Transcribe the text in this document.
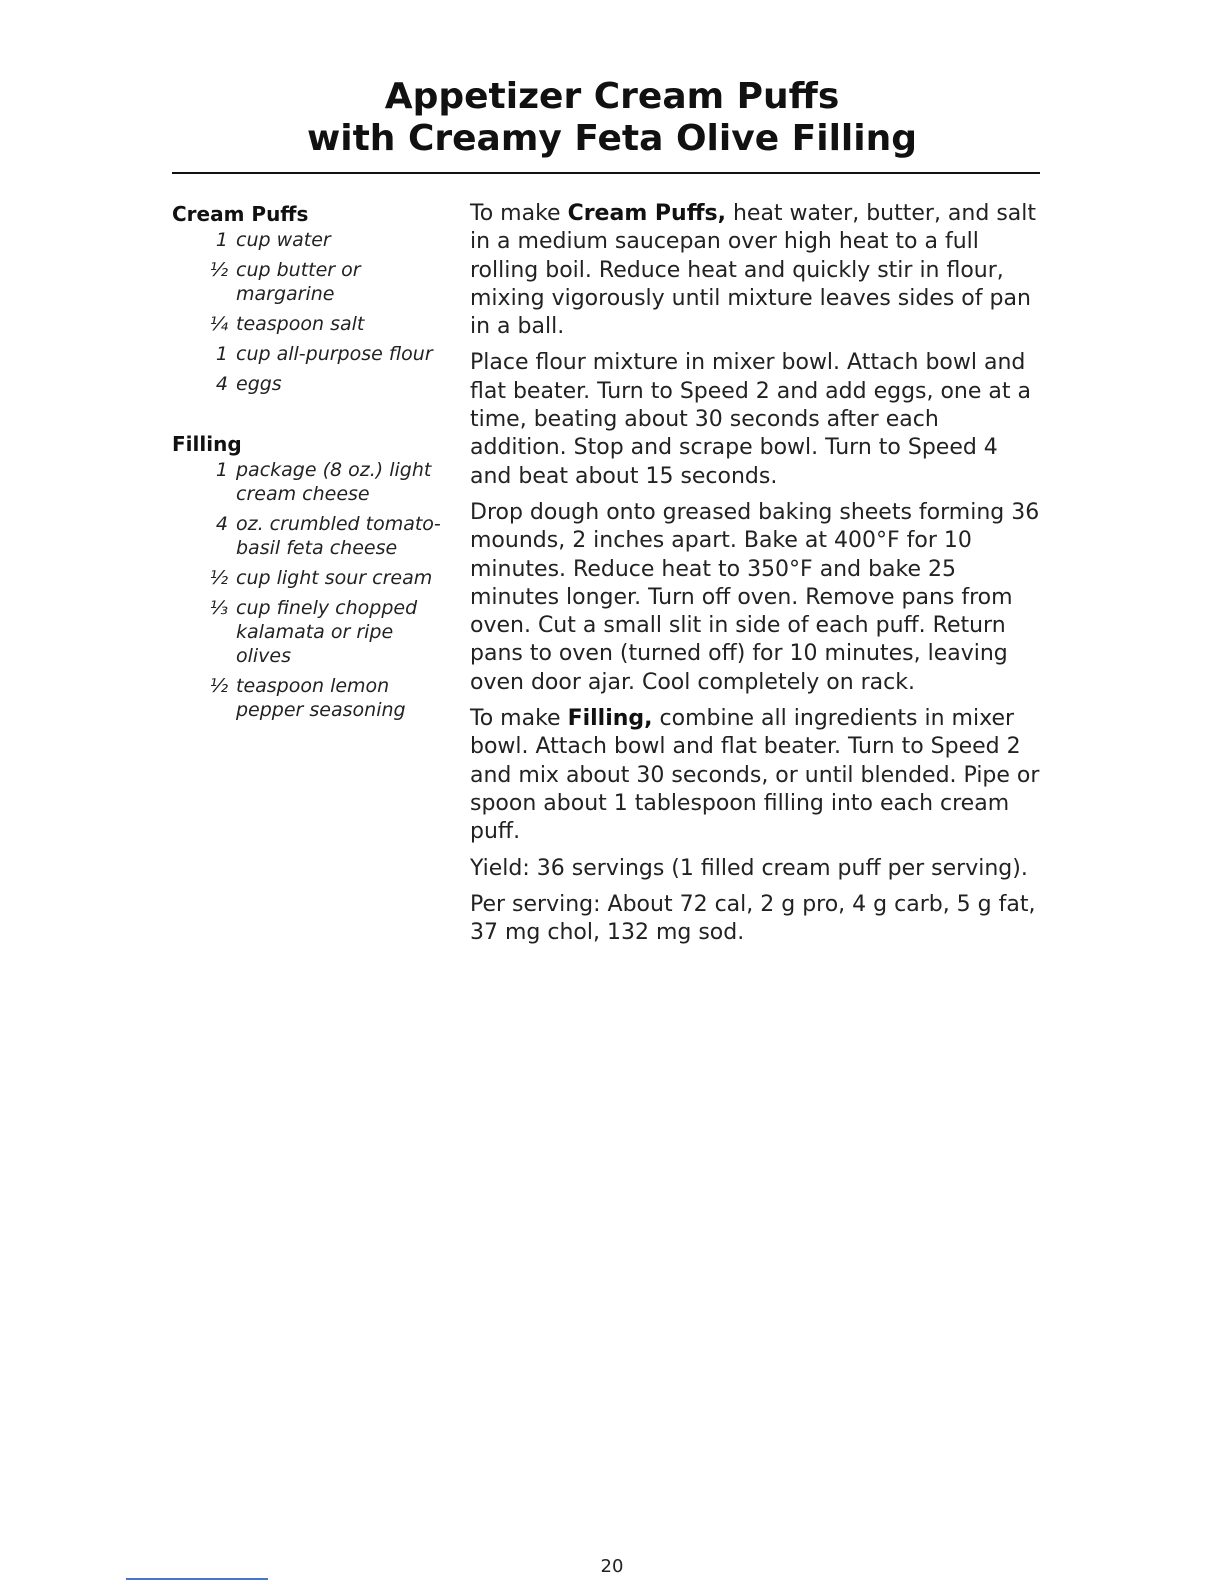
Appetizer Cream Puffs
with Creamy Feta Olive Filling
Cream Puffs
1 cup water
½ cup butter or margarine
¼ teaspoon salt
1 cup all-purpose flour
4 eggs
Filling
1 package (8 oz.) light cream cheese
4 oz. crumbled tomato-basil feta cheese
½ cup light sour cream
⅓ cup finely chopped kalamata or ripe olives
½ teaspoon lemon pepper seasoning

To make Cream Puffs, heat water, butter, and salt in a medium saucepan over high heat to a full rolling boil. Reduce heat and quickly stir in flour, mixing vigorously until mixture leaves sides of pan in a ball.

Place flour mixture in mixer bowl. Attach bowl and flat beater. Turn to Speed 2 and add eggs, one at a time, beating about 30 seconds after each addition. Stop and scrape bowl. Turn to Speed 4 and beat about 15 seconds.

Drop dough onto greased baking sheets forming 36 mounds, 2 inches apart. Bake at 400°F for 10 minutes. Reduce heat to 350°F and bake 25 minutes longer. Turn off oven. Remove pans from oven. Cut a small slit in side of each puff. Return pans to oven (turned off) for 10 minutes, leaving oven door ajar. Cool completely on rack.

To make Filling, combine all ingredients in mixer bowl. Attach bowl and flat beater. Turn to Speed 2 and mix about 30 seconds, or until blended. Pipe or spoon about 1 tablespoon filling into each cream puff.

Yield: 36 servings (1 filled cream puff per serving).

Per serving: About 72 cal, 2 g pro, 4 g carb, 5 g fat, 37 mg chol, 132 mg sod.

20
